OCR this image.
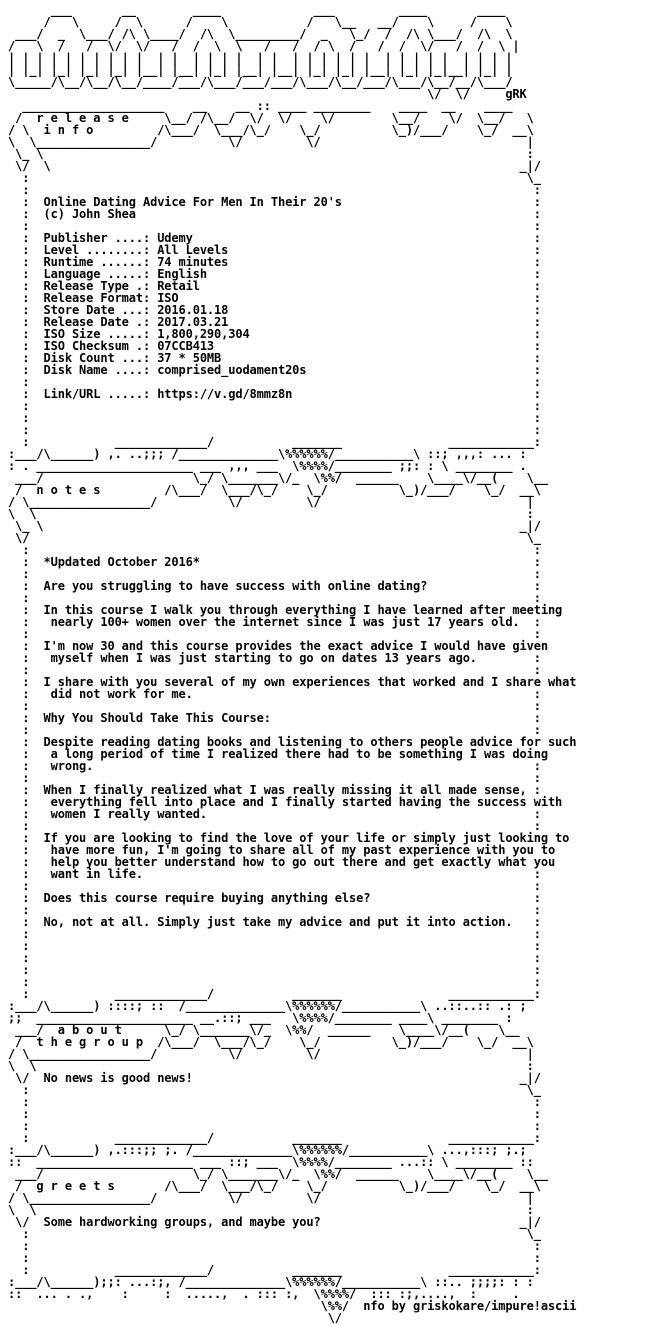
___       __        ____             ___         ____       ____
/   \     /  \      /    \           /   \__   __/    \     /    \
___/  _  \___/ /\ \____/  /\  \_________/  _   \_/  /  /\ \___/  /\  \
/   \  /   /  \/  \/   /  /  \  \   /   /  / \  /   /  /  \/   /  /  \ |
| | | | | | | | | |  | |  | | | |  | |  | | | | | |  | | | | |  | | | |
| |_| |_| |_| |_| |__| |__| |_| |__| |__| |_| |_| |__| |_| |_|__| |_| |
\_____/\__/\__/\__/____/___/\___/___/___/\___/\__/___/\___/\__/__/\___/
\/  \/     gRK
____________________    __    __ :: ____ ________    ____  __    ____
/  r e l e a s e     \__/ /\__/  \/  \/    \/        \__/    \/  \__/   \
/ \  i n f o         /\___/  \___/\_/    \_/          \_)/___/    \_/  __\
\  \________________/          \/         \/                             |
\_ \                                                                    :
\/  \                                                                  _|/
:                                                                      \_
:                                                                       :
:  Online Dating Advice For Men In Their 20's                           :
:  (c) John Shea                                                        :
:                                                                       :
:  Publisher ....: Udemy                                                :
:  Level ........: All Levels                                           :
:  Runtime ......: 74 minutes                                           :
:  Language .....: English                                              :
:  Release Type .: Retail                                               :
:  Release Format: ISO                                                  :
:  Store Date ...: 2016.01.18                                           :
:  Release Date .: 2017.03.21                                           :
:  ISO Size .....: 1,800,290,304                                        :
:  ISO Checksum .: 07CCB413                                             :
:  Disk Count ...: 37 * 50MB                                            :
:  Disk Name ....: comprised_uodament20s                                :
:                                                                       :
:  Link/URL .....: https://v.gd/8mmz8n                                  :
:                                                                       :
:                                                                       :
:                                                                       :
:            _____________/           _______               ____________:
:___/\______) ,. ..;;; /______________\%%%%%%/___________\ ::; ,,,: ... :
: . ______________________ ___ ,,, ___  \%%%%/________ ;;: : \ ________ .
___/                     \_/ \_______\/_  \%%/  ______    \____\/__(    \__
/  n o t e s         /\___/  \___/\_/    \_/          \_)/___/    \_/  __\
/ \_________________/          \/         \/                             |
\  \                                                                     :
\_ \                                                                   _|/
\/                                                                      \_
:                                                                       :
:  *Updated October 2016*                                               :
:                                                                       :
:  Are you struggling to have success with online dating?               :
:                                                                       :
:  In this course I walk you through everything I have learned after meeting
:   nearly 100+ women over the internet since I was just 17 years old.  :
:                                                                       :
:  I'm now 30 and this course provides the exact advice I would have given
:   myself when I was just starting to go on dates 13 years ago.        :
:                                                                       :
:  I share with you several of my own experiences that worked and I share what
:   did not work for me.                                                :
:                                                                       :
:  Why You Should Take This Course:                                     :
:                                                                       :
:  Despite reading dating books and listening to others people advice for such
:   a long period of time I realized there had to be something I was doing
:   wrong.                                                              :
:                                                                       :
:  When I finally realized what I was really missing it all made sense, :
:   everything fell into place and I finally started having the success with
:   women I really wanted.                                              :
:                                                                       :
:  If you are looking to find the love of your life or simply just looking to
:   have more fun, I'm going to share all of my past experience with you to
:   help you better understand how to go out there and get exactly what you
:   want in life.                                                       :
:                                                                       :
:  Does this course require buying anything else?                       :
:                                                                       :
:  No, not at all. Simply just take my advice and put it into action.   :
:                                                                       :
:                                                                       :
:                                                                       :
:                                                                       :
:                                                                       :
:            _____________/           _______               ____________:
:___/\______) ::::; ::  /______________\%%%%%%/___________\ ..::..:: .: ;
;;  ______________________ __.::; ___   \%%%%/________ ____\ ________ :
___/  a b o u t      \_/ \_______\/_  \%%/  ______    \____\/__(    \__
/  t h e g r o u p  /\___/  \___/\_/    \_/          \_)/___/    \_/  __\
/ \_________________/          \/         \/                             |
\  \                                                                     :
\/  No news is good news!                                              _|/
:                                                                      \_
:                                                                       :
:                                                                       :
:                                                                       :
:            _____________/           _______               ____________:
:___/\______) ,.:::;; ;. /______________\%%%%%%/___________\ ...,:::; ;.;
::  ______________________ ___ ::; ___  \%%%%/________ ...:: \ ________ ::
___/                     \_/ \_______\/_  \%%/  ______    \____\/__(    \__
/  g r e e t s       /\___/  \___/\_/    \_/          \_)/___/    \_/  __\
/ \_________________/          \/         \/                             |
\  \                                                                     :
\/  Some hardworking groups, and maybe you?                            _|/
:                                                                      \_
:                                                                       :
:                                                                       :
:            _____________/           _______               ____________:
:___/\______);;: ...:;, /______________\%%%%%%/___________\ ::.. ;;;;: : :
::  ... . .,    :     :  .....,  . ::: :,  \%%%%/  ::: :;,....,  :     .
\%%/  nfo by griskokare/impure!ascii
\/
